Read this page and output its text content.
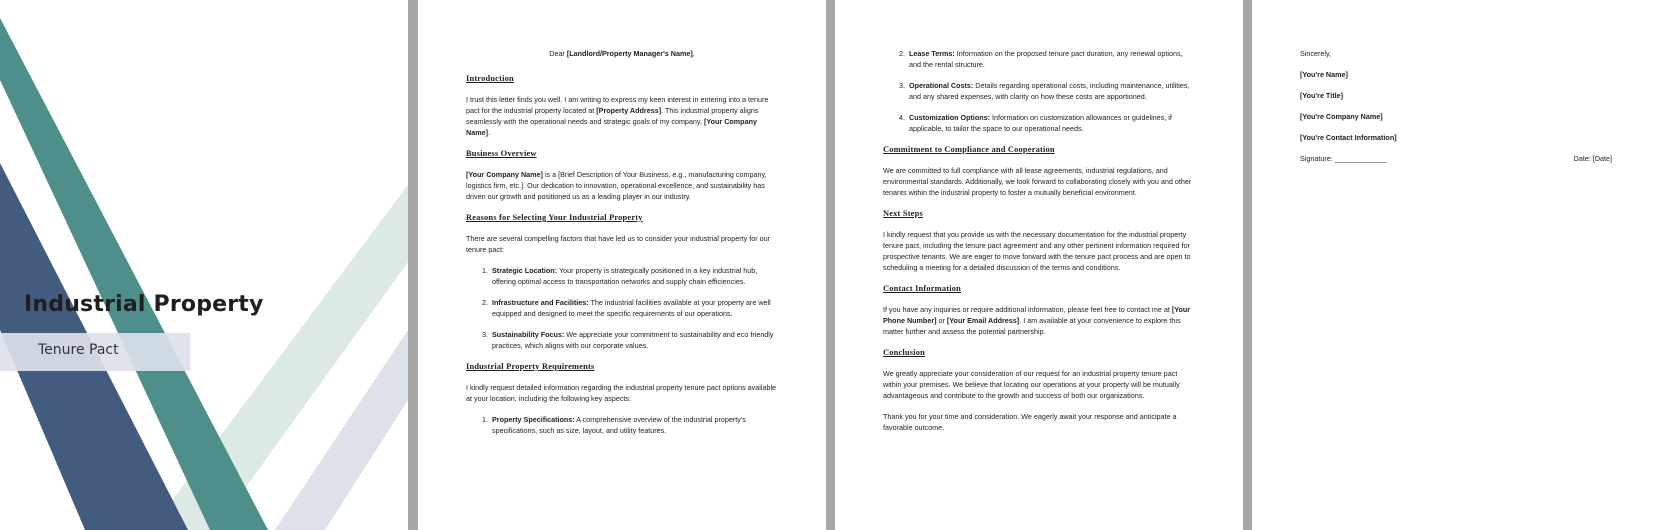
Industrial Property
Tenure Pact

Dear [Landlord/Property Manager's Name],

Introduction

I trust this letter finds you well. I am writing to express my keen interest in entering into a tenure pact for the industrial property located at [Property Address]. This industrial property aligns seamlessly with the operational needs and strategic goals of my company, [Your Company Name].

Business Overview

[Your Company Name] is a [Brief Description of Your Business, e.g., manufacturing company, logistics firm, etc.]. Our dedication to innovation, operational excellence, and sustainability has driven our growth and positioned us as a leading player in our industry.

Reasons for Selecting Your Industrial Property

There are several compelling factors that have led us to consider your industrial property for our tenure pact:

1. Strategic Location: Your property is strategically positioned in a key industrial hub, offering optimal access to transportation networks and supply chain efficiencies.
2. Infrastructure and Facilities: The industrial facilities available at your property are well equipped and designed to meet the specific requirements of our operations.
3. Sustainability Focus: We appreciate your commitment to sustainability and eco friendly practices, which aligns with our corporate values.
Industrial Property Requirements

I kindly request detailed information regarding the industrial property tenure pact options available at your location, including the following key aspects:

1. Property Specifications: A comprehensive overview of the industrial property's specifications, such as size, layout, and utility features.
2. Lease Terms: Information on the proposed tenure pact duration, any renewal options, and the rental structure.
3. Operational Costs: Details regarding operational costs, including maintenance, utilities, and any shared expenses, with clarity on how these costs are apportioned.
4. Customization Options: Information on customization allowances or guidelines, if applicable, to tailor the space to our operational needs.
Commitment to Compliance and Cooperation

We are committed to full compliance with all lease agreements, industrial regulations, and environmental standards. Additionally, we look forward to collaborating closely with you and other tenants within the industrial property to foster a mutually beneficial environment.

Next Steps

I kindly request that you provide us with the necessary documentation for the industrial property tenure pact, including the tenure pact agreement and any other pertinent information required for prospective tenants. We are eager to move forward with the tenure pact process and are open to scheduling a meeting for a detailed discussion of the terms and conditions.

Contact Information

If you have any inquiries or require additional information, please feel free to contact me at [Your Phone Number] or [Your Email Address]. I am available at your convenience to explore this matter further and assess the potential partnership.

Conclusion

We greatly appreciate your consideration of our request for an industrial property tenure pact within your premises. We believe that locating our operations at your property will be mutually advantageous and contribute to the growth and success of both our organizations.

Thank you for your time and consideration. We eagerly await your response and anticipate a favorable outcome.

Sincerely,

[You're Name]

[You're Title]

[You're Company Name]

[You're Contact Information]

Signature: _____________	Date: [Date]
